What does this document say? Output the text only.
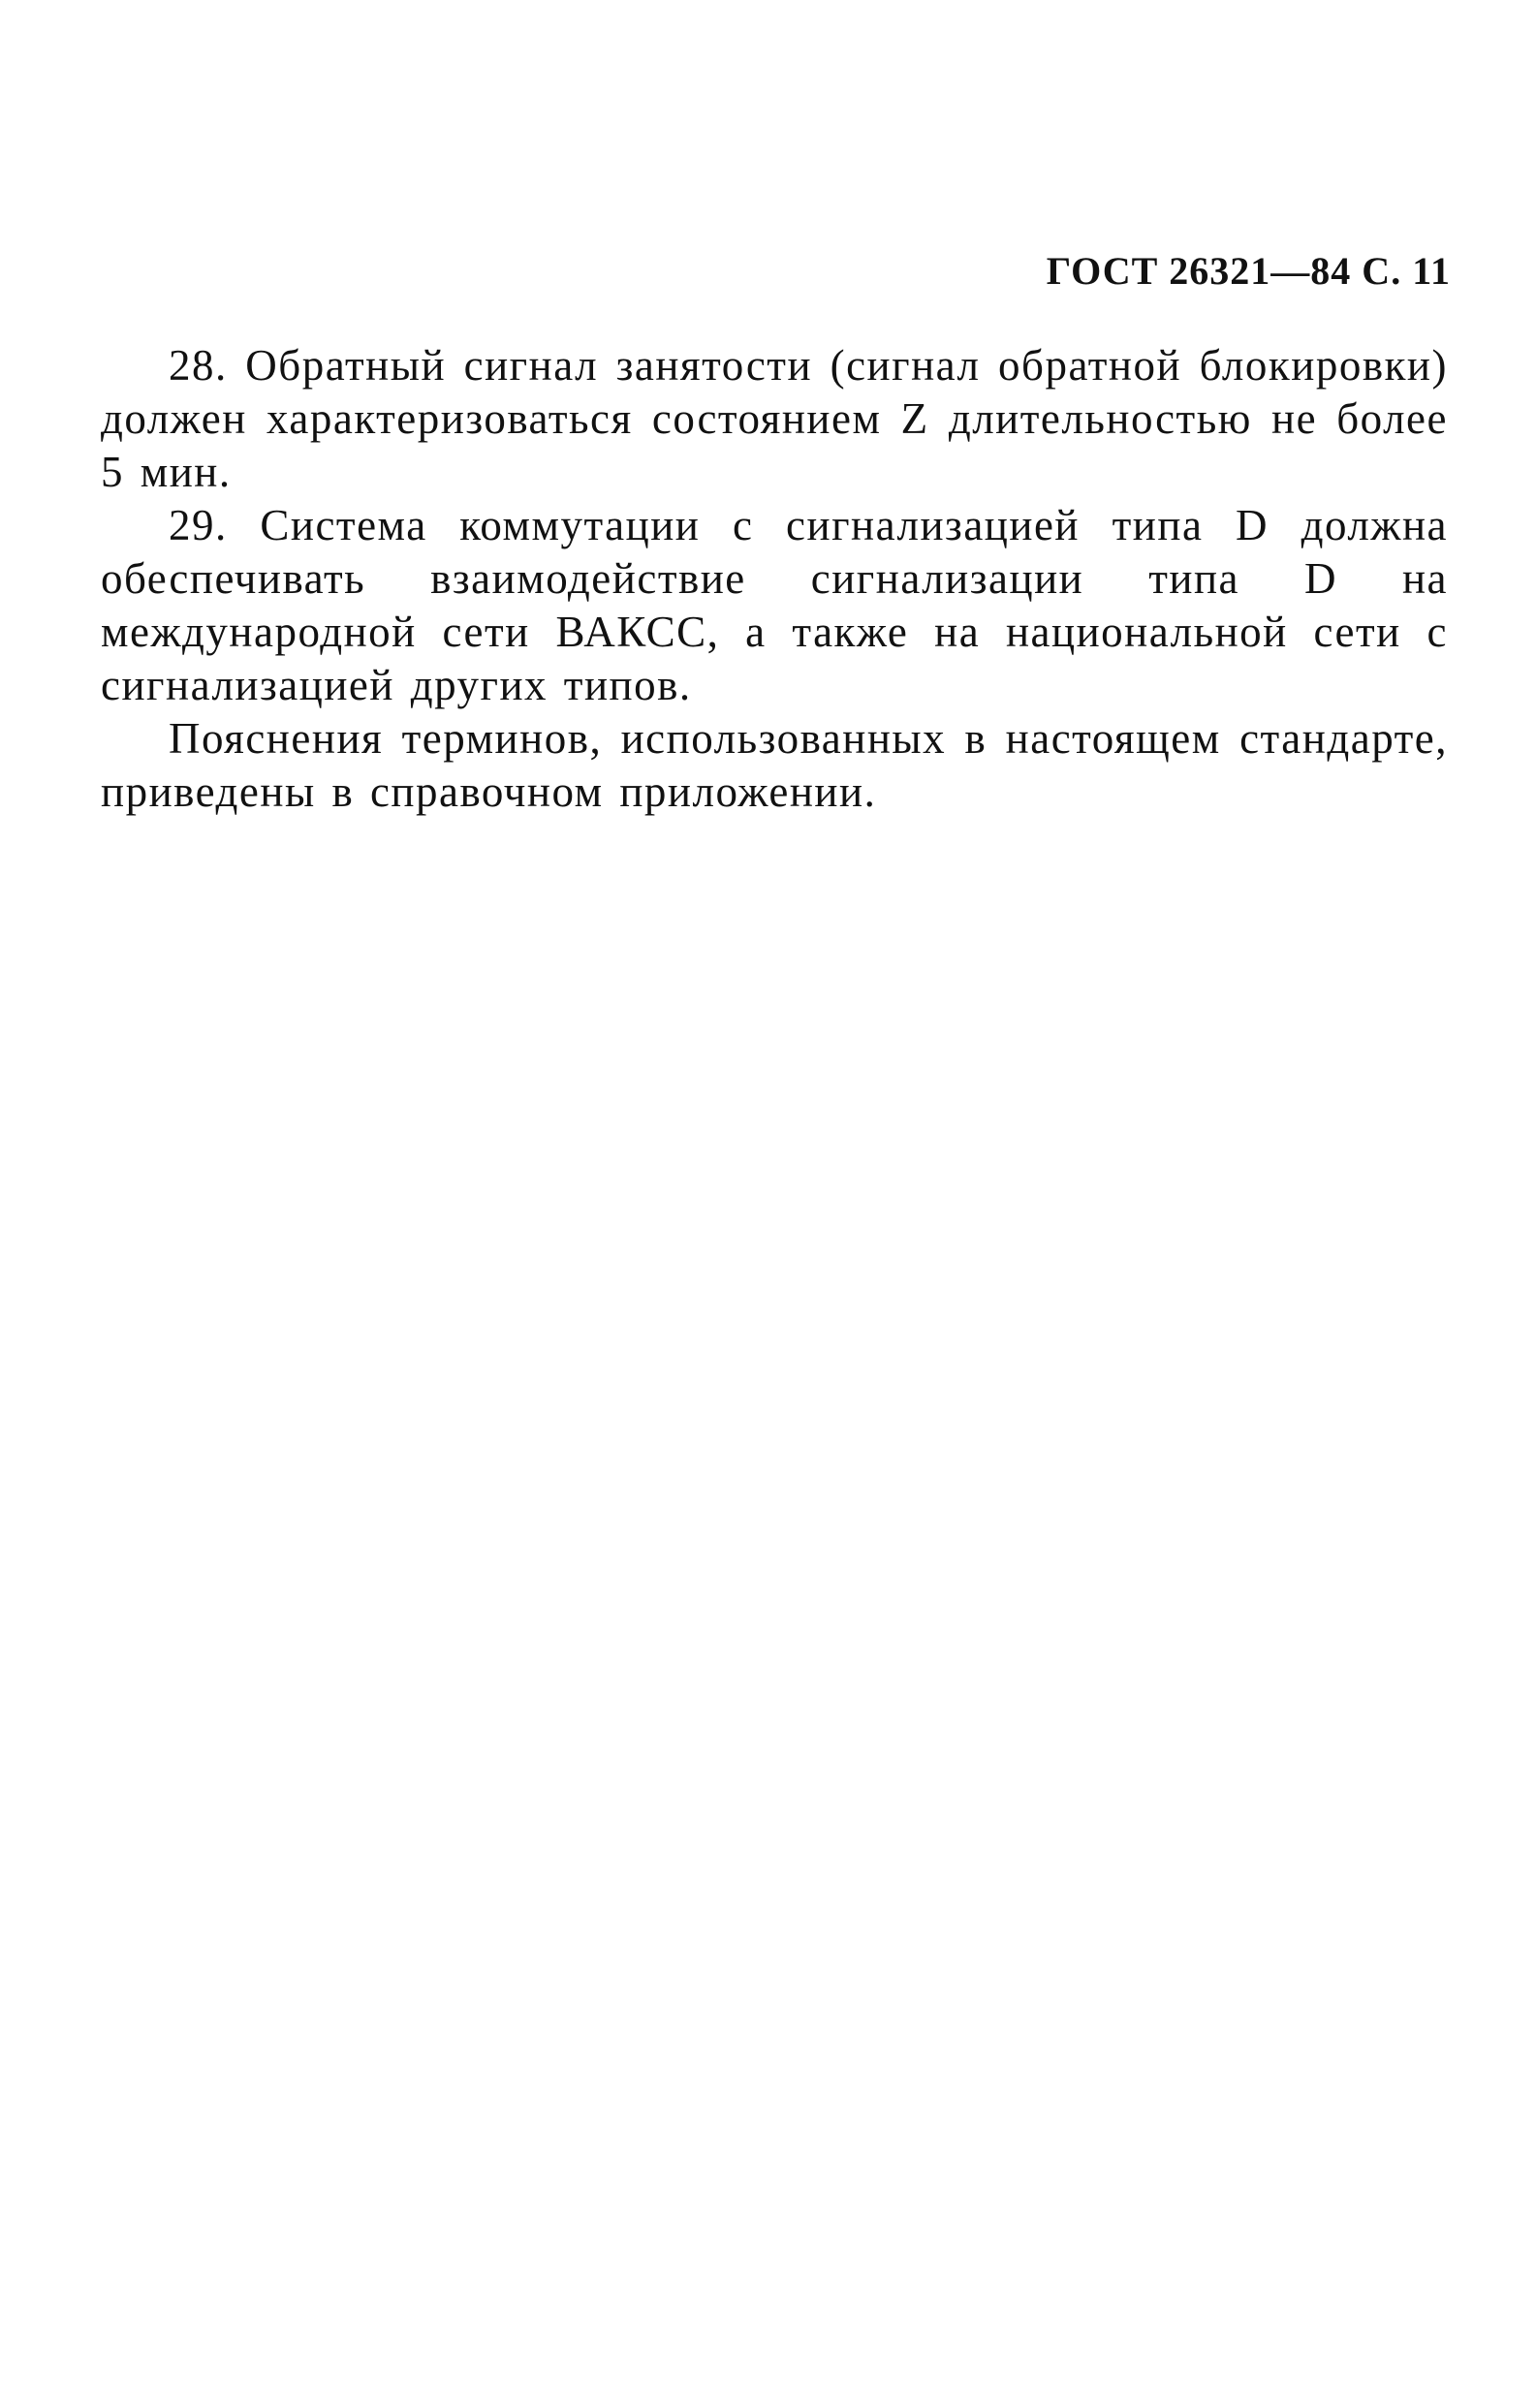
ГОСТ 26321—84 С. 11

28. Обратный сигнал занятости (сигнал обратной блокировки) должен характеризоваться состоянием Z длительностью не более 5 мин.

29. Система коммутации с сигнализацией типа D должна обеспечивать взаимодействие сигнализации типа D на международной сети ВАКСС, а также на национальной сети с сигнализацией других типов.

Пояснения терминов, использованных в настоящем стандарте, приведены в справочном приложении.
